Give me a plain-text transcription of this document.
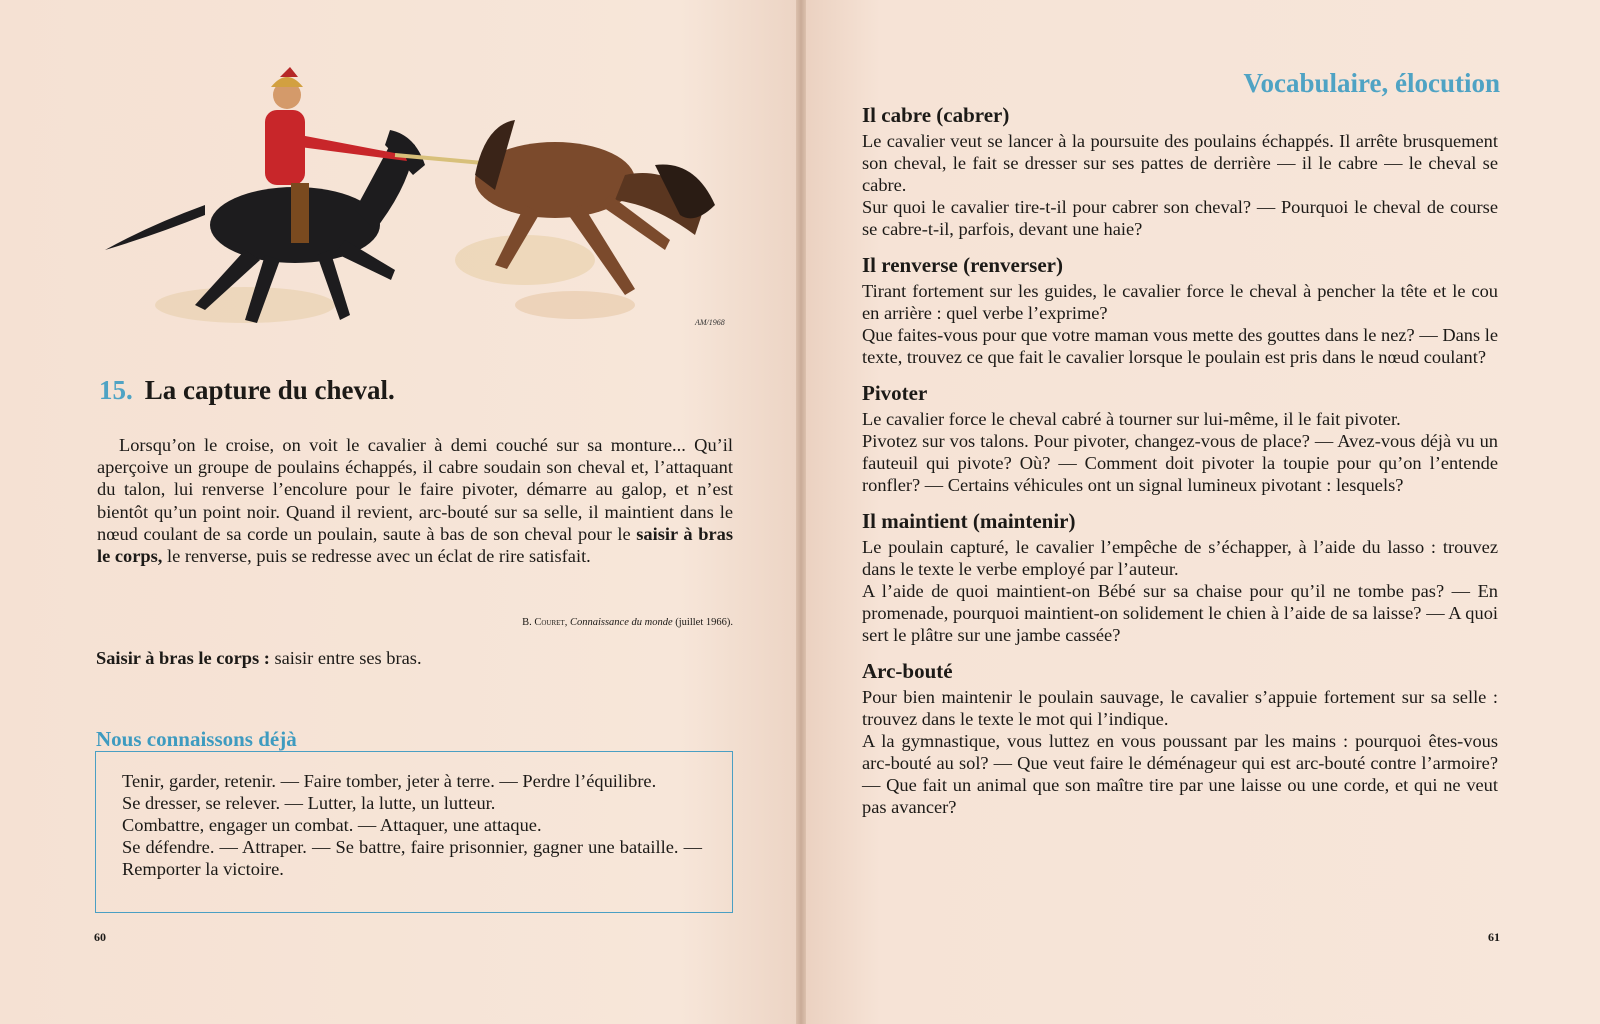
AM/1968
15. La capture du cheval.

Lorsqu’on le croise, on voit le cavalier à demi couché sur sa monture... Qu’il aperçoive un groupe de poulains échappés, il cabre soudain son cheval et, l’attaquant du talon, lui renverse l’encolure pour le faire pivoter, démarre au galop, et n’est bientôt qu’un point noir. Quand il revient, arc-bouté sur sa selle, il maintient dans le nœud coulant de sa corde un poulain, saute à bas de son cheval pour le saisir à bras le corps, le renverse, puis se redresse avec un éclat de rire satisfait.

B. Couret, Connaissance du monde (juillet 1966).
Saisir à bras le corps : saisir entre ses bras.
Nous connaissons déjà
Tenir, garder, retenir. — Faire tomber, jeter à terre. — Perdre l’équilibre.
Se dresser, se relever. — Lutter, la lutte, un lutteur.
Combattre, engager un combat. — Attaquer, une attaque.
Se défendre. — Attraper. — Se battre, faire prisonnier, gagner une bataille. — Remporter la victoire.
60
Vocabulaire, élocution
61
Il cabre (cabrer)

Le cavalier veut se lancer à la poursuite des poulains échappés. Il arrête brusquement son cheval, le fait se dresser sur ses pattes de derrière — il le cabre — le cheval se cabre.

Sur quoi le cavalier tire-t-il pour cabrer son cheval? — Pourquoi le cheval de course se cabre-t-il, parfois, devant une haie?

Il renverse (renverser)

Tirant fortement sur les guides, le cavalier force le cheval à pencher la tête et le cou en arrière : quel verbe l’exprime?

Que faites-vous pour que votre maman vous mette des gouttes dans le nez? — Dans le texte, trouvez ce que fait le cavalier lorsque le poulain est pris dans le nœud coulant?

Pivoter

Le cavalier force le cheval cabré à tourner sur lui-même, il le fait pivoter.

Pivotez sur vos talons. Pour pivoter, changez-vous de place? — Avez-vous déjà vu un fauteuil qui pivote? Où? — Comment doit pivoter la toupie pour qu’on l’entende ronfler? — Certains véhicules ont un signal lumineux pivotant : lesquels?

Il maintient (maintenir)

Le poulain capturé, le cavalier l’empêche de s’échapper, à l’aide du lasso : trouvez dans le texte le verbe employé par l’auteur.

A l’aide de quoi maintient-on Bébé sur sa chaise pour qu’il ne tombe pas? — En promenade, pourquoi maintient-on solidement le chien à l’aide de sa laisse? — A quoi sert le plâtre sur une jambe cassée?

Arc-bouté

Pour bien maintenir le poulain sauvage, le cavalier s’appuie fortement sur sa selle : trouvez dans le texte le mot qui l’indique.

A la gymnastique, vous luttez en vous poussant par les mains : pourquoi êtes-vous arc-bouté au sol? — Que veut faire le déménageur qui est arc-bouté contre l’armoire? — Que fait un animal que son maître tire par une laisse ou une corde, et qui ne veut pas avancer?
